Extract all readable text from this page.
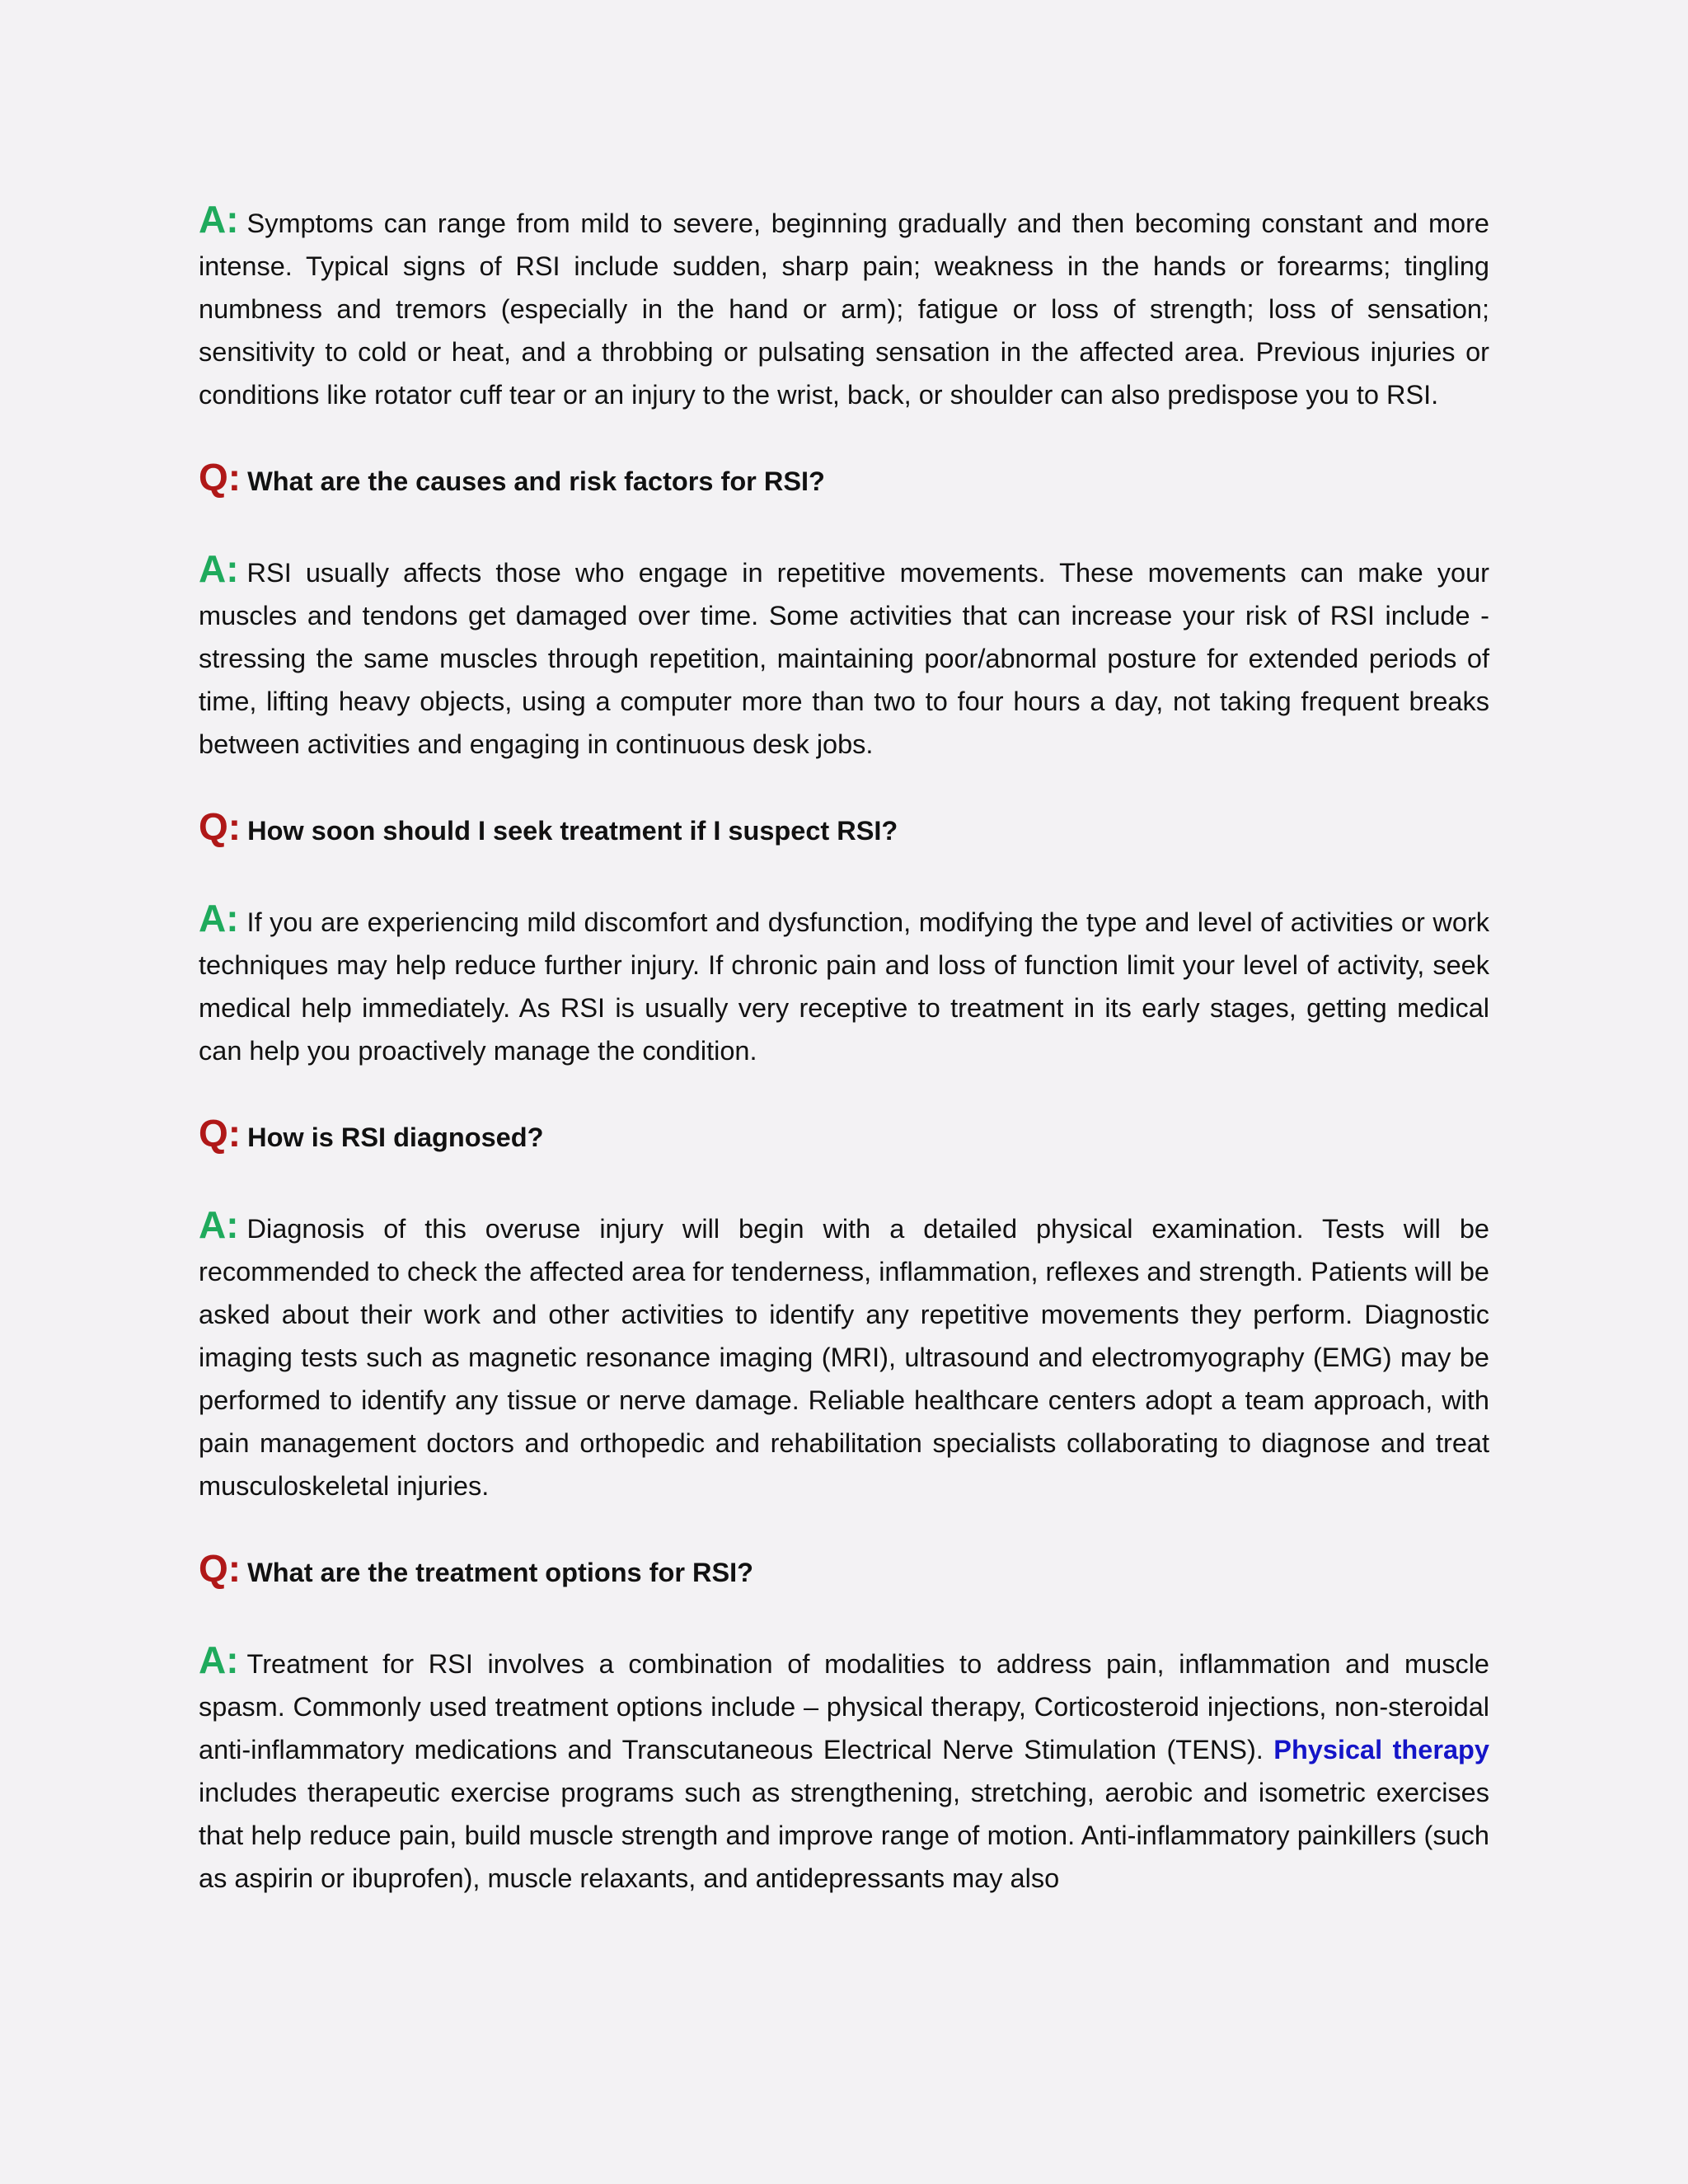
A: Symptoms can range from mild to severe, beginning gradually and then becoming constant and more intense. Typical signs of RSI include sudden, sharp pain; weakness in the hands or forearms; tingling numbness and tremors (especially in the hand or arm); fatigue or loss of strength; loss of sensation; sensitivity to cold or heat, and a throbbing or pulsating sensation in the affected area. Previous injuries or conditions like rotator cuff tear or an injury to the wrist, back, or shoulder can also predispose you to RSI.

Q: What are the causes and risk factors for RSI?

A: RSI usually affects those who engage in repetitive movements. These movements can make your muscles and tendons get damaged over time. Some activities that can increase your risk of RSI include - stressing the same muscles through repetition, maintaining poor/abnormal posture for extended periods of time, lifting heavy objects, using a computer more than two to four hours a day, not taking frequent breaks between activities and engaging in continuous desk jobs.

Q: How soon should I seek treatment if I suspect RSI?

A: If you are experiencing mild discomfort and dysfunction, modifying the type and level of activities or work techniques may help reduce further injury. If chronic pain and loss of function limit your level of activity, seek medical help immediately. As RSI is usually very receptive to treatment in its early stages, getting medical can help you proactively manage the condition.

Q: How is RSI diagnosed?

A: Diagnosis of this overuse injury will begin with a detailed physical examination. Tests will be recommended to check the affected area for tenderness, inflammation, reflexes and strength. Patients will be asked about their work and other activities to identify any repetitive movements they perform. Diagnostic imaging tests such as magnetic resonance imaging (MRI), ultrasound and electromyography (EMG) may be performed to identify any tissue or nerve damage. Reliable healthcare centers adopt a team approach, with pain management doctors and orthopedic and rehabilitation specialists collaborating to diagnose and treat musculoskeletal injuries.

Q: What are the treatment options for RSI?

A: Treatment for RSI involves a combination of modalities to address pain, inflammation and muscle spasm. Commonly used treatment options include – physical therapy, Corticosteroid injections, non-steroidal anti-inflammatory medications and Transcutaneous Electrical Nerve Stimulation (TENS). Physical therapy includes therapeutic exercise programs such as strengthening, stretching, aerobic and isometric exercises that help reduce pain, build muscle strength and improve range of motion. Anti-inflammatory painkillers (such as aspirin or ibuprofen), muscle relaxants, and antidepressants may also
